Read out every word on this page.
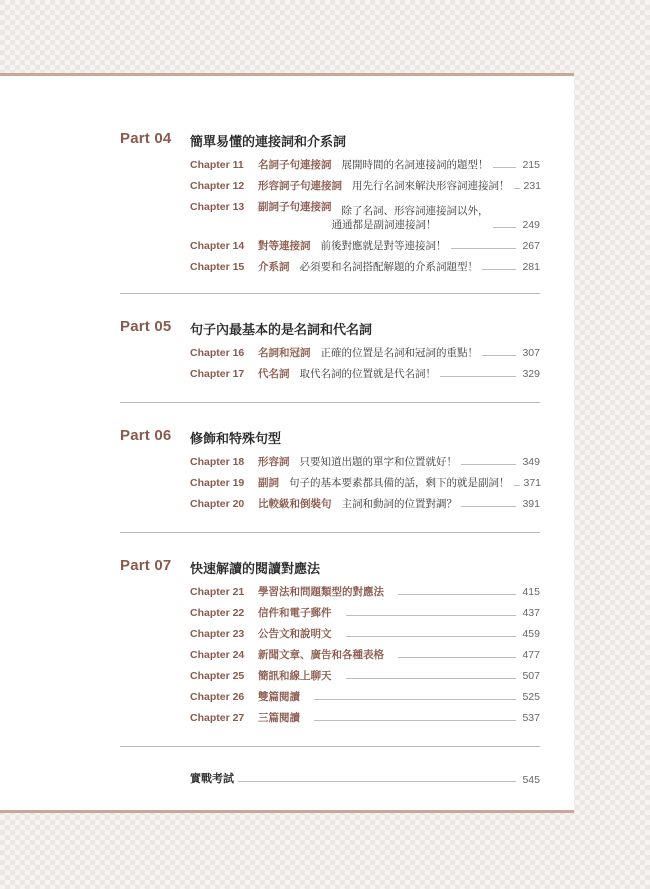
Part 04 簡單易懂的連接詞和介系詞
Chapter 11	名詞子句連接詞 展開時間的名詞連接詞的題型！	215
Chapter 12	形容詞子句連接詞 用先行名詞來解決形容詞連接詞！ 231
Chapter 13	副詞子句連接詞 除了名詞、形容詞連接詞以外，
通通都是副詞連接詞！	249
Chapter 14	對等連接詞 前後對應就是對等連接詞！	267
Chapter 15	介系詞 必須要和名詞搭配解題的介系詞題型！	281
Part 05 句子內最基本的是名詞和代名詞
Chapter 16	名詞和冠詞 正確的位置是名詞和冠詞的重點！	307
Chapter 17	代名詞 取代名詞的位置就是代名詞！	329
Part 06 修飾和特殊句型
Chapter 18	形容詞 只要知道出題的單字和位置就好！	349
Chapter 19	副詞 句子的基本要素都具備的話，剩下的就是副詞！ 371
Chapter 20	比較級和倒裝句 主詞和動詞的位置對調？	391
Part 07 快速解讀的閱讀對應法
Chapter 21	學習法和問題類型的對應法	415
Chapter 22	信件和電子郵件	437
Chapter 23	公告文和說明文	459
Chapter 24	新聞文章、廣告和各種表格	477
Chapter 25	簡訊和線上聊天	507
Chapter 26	雙篇閱讀	525
Chapter 27	三篇閱讀	537
實戰考試	545
